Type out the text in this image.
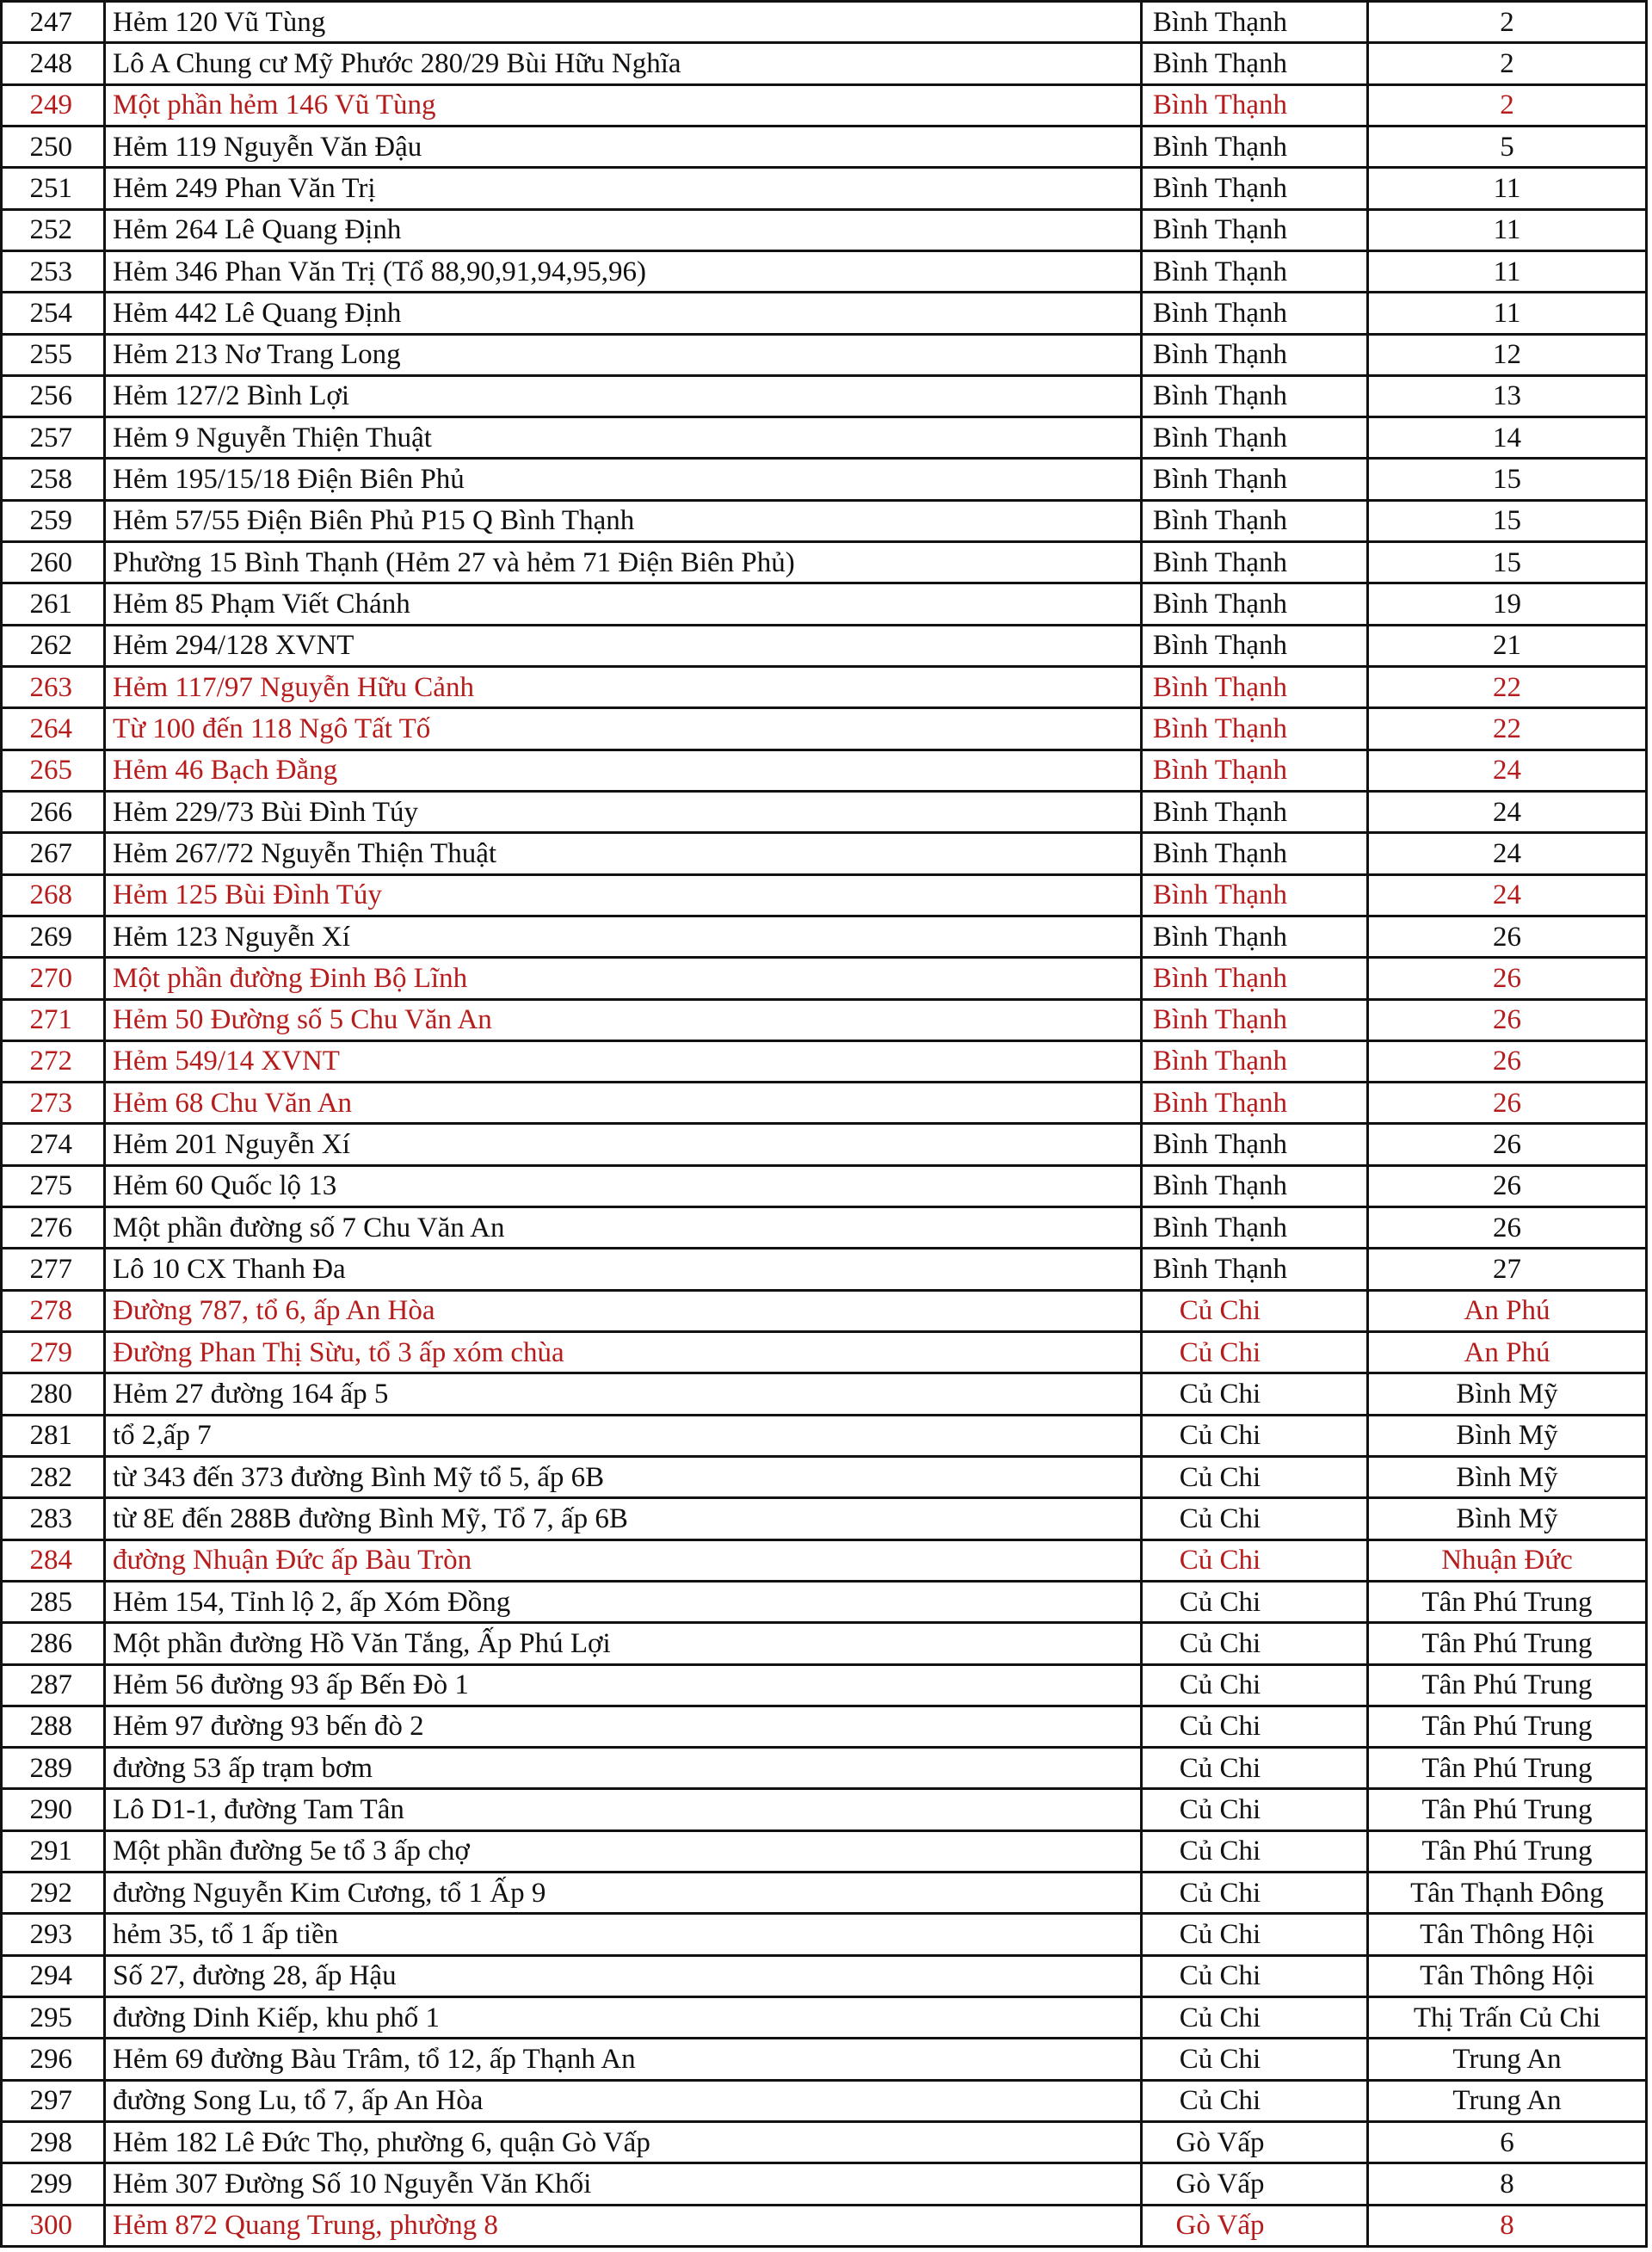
247	Hẻm 120 Vũ Tùng	Bình Thạnh	2
248	Lô A Chung cư Mỹ Phước 280/29 Bùi Hữu Nghĩa	Bình Thạnh	2
249	Một phần hẻm 146 Vũ Tùng	Bình Thạnh	2
250	Hẻm 119 Nguyễn Văn Đậu	Bình Thạnh	5
251	Hẻm 249 Phan Văn Trị	Bình Thạnh	11
252	Hẻm 264 Lê Quang Định	Bình Thạnh	11
253	Hẻm 346 Phan Văn Trị (Tổ 88,90,91,94,95,96)	Bình Thạnh	11
254	Hẻm 442 Lê Quang Định	Bình Thạnh	11
255	Hẻm 213 Nơ Trang Long	Bình Thạnh	12
256	Hẻm 127/2 Bình Lợi	Bình Thạnh	13
257	Hẻm 9 Nguyễn Thiện Thuật	Bình Thạnh	14
258	Hẻm 195/15/18 Điện Biên Phủ	Bình Thạnh	15
259	Hẻm 57/55 Điện Biên Phủ P15 Q Bình Thạnh	Bình Thạnh	15
260	Phường 15 Bình Thạnh (Hẻm 27 và hẻm 71 Điện Biên Phủ)	Bình Thạnh	15
261	Hẻm 85 Phạm Viết Chánh	Bình Thạnh	19
262	Hẻm 294/128 XVNT	Bình Thạnh	21
263	Hẻm 117/97 Nguyễn Hữu Cảnh	Bình Thạnh	22
264	Từ 100 đến 118 Ngô Tất Tố	Bình Thạnh	22
265	Hẻm 46 Bạch Đằng	Bình Thạnh	24
266	Hẻm 229/73 Bùi Đình Túy	Bình Thạnh	24
267	Hẻm 267/72 Nguyễn Thiện Thuật	Bình Thạnh	24
268	Hẻm 125 Bùi Đình Túy	Bình Thạnh	24
269	Hẻm 123 Nguyễn Xí	Bình Thạnh	26
270	Một phần đường Đinh Bộ Lĩnh	Bình Thạnh	26
271	Hẻm 50 Đường số 5 Chu Văn An	Bình Thạnh	26
272	Hẻm 549/14 XVNT	Bình Thạnh	26
273	Hẻm 68 Chu Văn An	Bình Thạnh	26
274	Hẻm 201 Nguyễn Xí	Bình Thạnh	26
275	Hẻm 60 Quốc lộ 13	Bình Thạnh	26
276	Một phần đường số 7 Chu Văn An	Bình Thạnh	26
277	Lô 10 CX Thanh Đa	Bình Thạnh	27
278	Đường 787, tổ 6, ấp An Hòa	Củ Chi	An Phú
279	Đường Phan Thị Sừu, tổ 3 ấp xóm chùa	Củ Chi	An Phú
280	Hẻm 27 đường 164 ấp 5	Củ Chi	Bình Mỹ
281	tổ 2,ấp 7	Củ Chi	Bình Mỹ
282	từ 343 đến 373 đường Bình Mỹ tổ 5, ấp 6B	Củ Chi	Bình Mỹ
283	từ 8E đến 288B đường Bình Mỹ, Tổ 7, ấp 6B	Củ Chi	Bình Mỹ
284	đường Nhuận Đức ấp Bàu Tròn	Củ Chi	Nhuận Đức
285	Hẻm 154, Tỉnh lộ 2, ấp Xóm Đồng	Củ Chi	Tân Phú Trung
286	Một phần đường Hồ Văn Tắng, Ấp Phú Lợi	Củ Chi	Tân Phú Trung
287	Hẻm 56 đường 93 ấp Bến Đò 1	Củ Chi	Tân Phú Trung
288	Hẻm 97 đường 93 bến đò 2	Củ Chi	Tân Phú Trung
289	đường 53 ấp trạm bơm	Củ Chi	Tân Phú Trung
290	Lô D1-1, đường Tam Tân	Củ Chi	Tân Phú Trung
291	Một phần đường 5e tổ 3 ấp chợ	Củ Chi	Tân Phú Trung
292	đường Nguyễn Kim Cương, tổ 1 Ấp 9	Củ Chi	Tân Thạnh Đông
293	hẻm 35, tổ 1 ấp tiền	Củ Chi	Tân Thông Hội
294	Số 27, đường 28, ấp Hậu	Củ Chi	Tân Thông Hội
295	đường Dinh Kiếp, khu phố 1	Củ Chi	Thị Trấn Củ Chi
296	Hẻm 69 đường Bàu Trâm, tổ 12, ấp Thạnh An	Củ Chi	Trung An
297	đường Song Lu, tổ 7, ấp An Hòa	Củ Chi	Trung An
298	Hẻm 182 Lê Đức Thọ, phường 6, quận Gò Vấp	Gò Vấp	6
299	Hẻm 307 Đường Số 10 Nguyễn Văn Khối	Gò Vấp	8
300	Hẻm 872 Quang Trung, phường 8	Gò Vấp	8
